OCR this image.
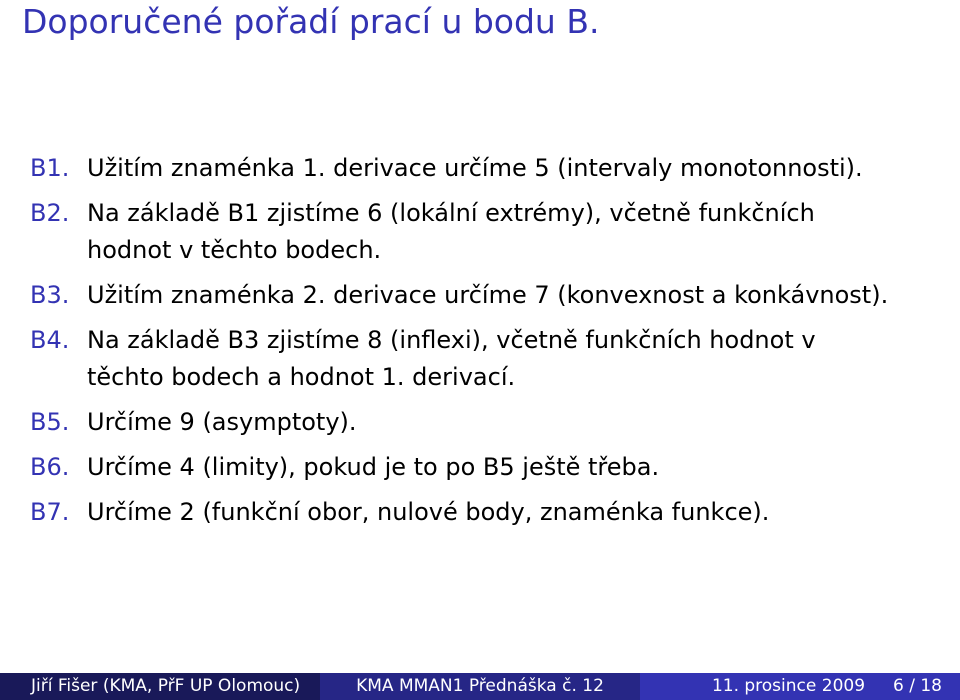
Doporučené pořadí prací u bodu B.
B1. Užitím znaménka 1. derivace určíme 5 (intervaly monotonnosti).
B2. Na základě B1 zjistíme 6 (lokální extrémy), včetně funkčních
hodnot v těchto bodech.
B3. Užitím znaménka 2. derivace určíme 7 (konvexnost a konkávnost).
B4. Na základě B3 zjistíme 8 (inflexi), včetně funkčních hodnot v
těchto bodech a hodnot 1. derivací.
B5. Určíme 9 (asymptoty).
B6. Určíme 4 (limity), pokud je to po B5 ještě třeba.
B7. Určíme 2 (funkční obor, nulové body, znaménka funkce).
Jiří Fišer (KMA, PřF UP Olomouc)	KMA MMAN1 Přednáška č. 12	11. prosince 2009 6 / 18
